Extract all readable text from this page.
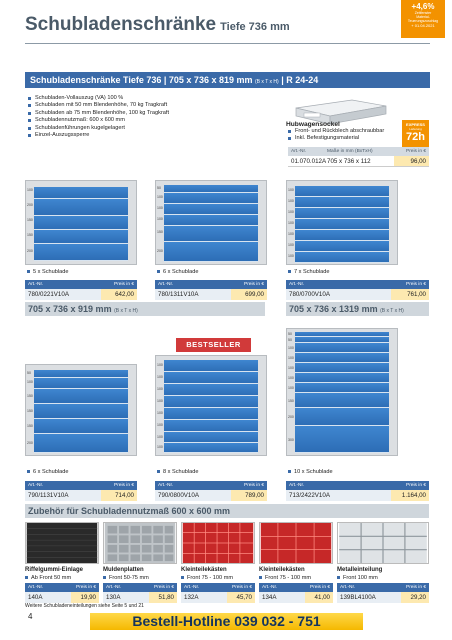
Schubladenschränke Tiefe 736 mm
+4,6%
Zeitfenster
Material-
Teuerungszuschlag
+ 01.04.2021
Schubladenschränke Tiefe 736 | 705 x 736 x 819 mm (B x T x H) | R 24-24
Schubladen-Vollauszug (VA) 100 %
Schubladen mit 50 mm Blendenhöhe, 70 kg Tragkraft
Schubladen ab 75 mm Blendenhöhe, 100 kg Tragkraft
Schubladennutzmaß: 600 x 600 mm
Schubladenführungen kugelgelagert
Einzel-Auszugssperre
Hubwagensockel
Front- und Rückblech abschraubbar
Inkl. Befestigungsmaterial
EXPRESS
Lieferung
72h
Art.-Nr.	Maße in mm (BxTxH)	Preis in €
01.070.012A 705 x 736 x 112	96,00
100
200
150
150
200
50
100
100
100
150
200
100
100
100
100
100
100
100
5 x Schublade	6 x Schublade	7 x Schublade
Art.-Nr.	Preis in €
780/0221V10A	642,00
Art.-Nr.	Preis in €
780/1311V10A	699,00
Art.-Nr.	Preis in €
780/0700V10A	761,00
705 x 736 x 919 mm (B x T x H)	705 x 736 x 1319 mm (B x T x H)
BESTSELLER
50
100
150
150
150
200
100
100
100
100
100
100
100
100
50
50
100
100
100
100
100
150
200
300
6 x Schublade	8 x Schublade	10 x Schublade
Art.-Nr.	Preis in €
790/1131V10A	714,00
Art.-Nr.	Preis in €
790/0800V10A	789,00
Art.-Nr.	Preis in €
713/2422V10A	1.164,00
Zubehör für Schubladennutzmaß 600 x 600 mm
Riffelgummi-Einlage	Muldenplatten	Kleinteilekästen	Kleinteilekästen	Metalleinteilung
Ab Front 50 mm	Front 50-75 mm	Front 75 - 100 mm	Front 75 - 100 mm	Front 100 mm
Art.-Nr.	Preis in €
140A	19,90
Art.-Nr.	Preis in €
130A	51,80
Art.-Nr.	Preis in €
132A	45,70
Art.-Nr.	Preis in €
134A	41,00
Art.-Nr.	Preis in €
139BL4100A	29,20
Weitere Schubladeneinteilungen siehe Seite 5 und 21
4	Bestell-Hotline 039 032 - 751
